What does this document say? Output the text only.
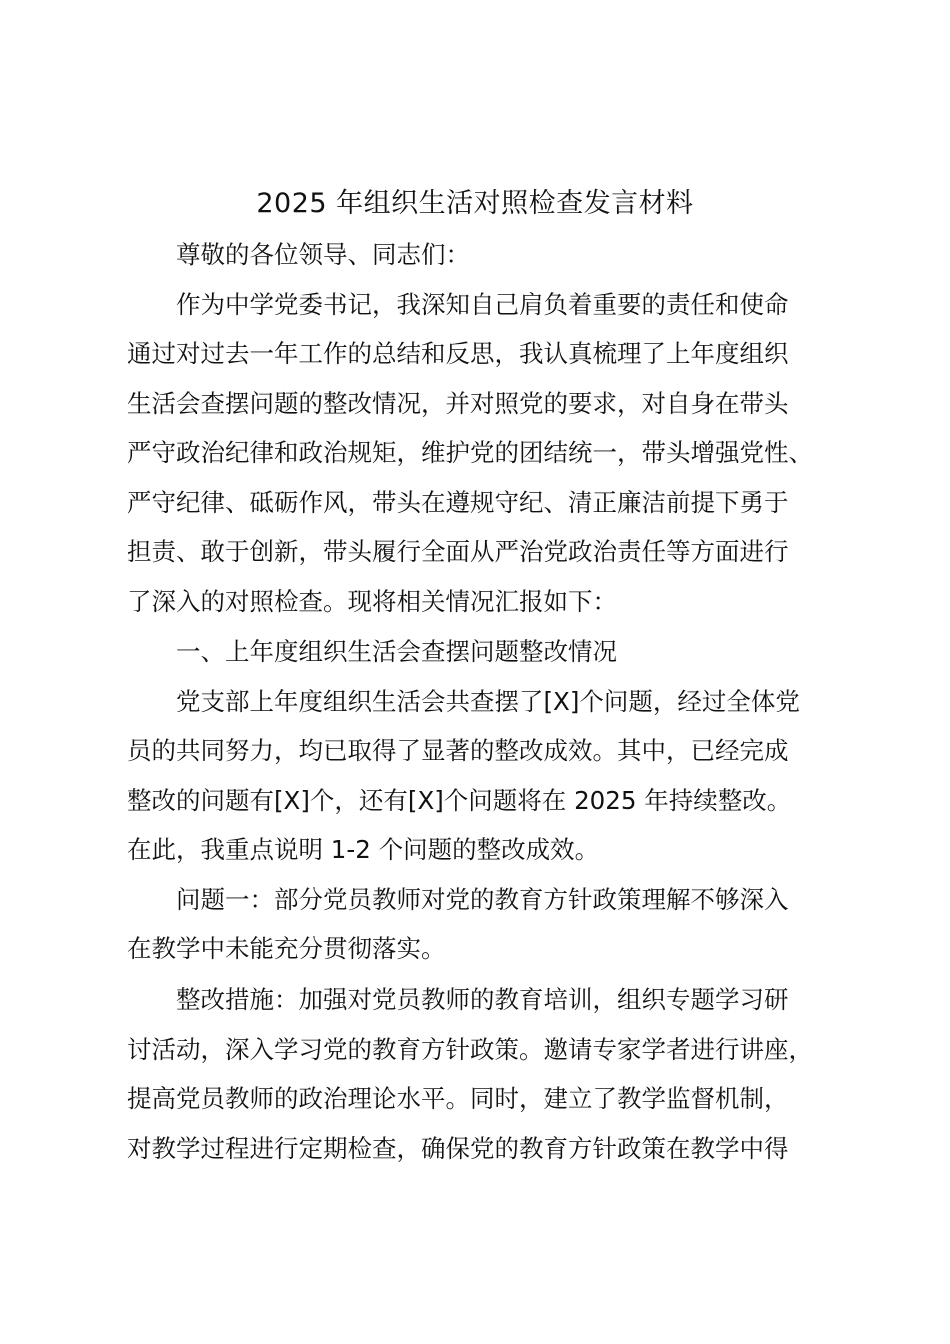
2025 年组织生活对照检查发言材料

尊敬的各位领导、同志们：

作为中学党委书记，我深知自己肩负着重要的责任和使命

通过对过去一年工作的总结和反思，我认真梳理了上年度组织

生活会查摆问题的整改情况，并对照党的要求，对自身在带头

严守政治纪律和政治规矩，维护党的团结统一，带头增强党性、

严守纪律、砥砺作风，带头在遵规守纪、清正廉洁前提下勇于

担责、敢于创新，带头履行全面从严治党政治责任等方面进行

了深入的对照检查。现将相关情况汇报如下：

一、上年度组织生活会查摆问题整改情况

党支部上年度组织生活会共查摆了[X]个问题，经过全体党

员的共同努力，均已取得了显著的整改成效。其中，已经完成

整改的问题有[X]个，还有[X]个问题将在 2025 年持续整改。

在此，我重点说明 1-2 个问题的整改成效。

问题一：部分党员教师对党的教育方针政策理解不够深入

在教学中未能充分贯彻落实。

整改措施：加强对党员教师的教育培训，组织专题学习研

讨活动，深入学习党的教育方针政策。邀请专家学者进行讲座，

提高党员教师的政治理论水平。同时，建立了教学监督机制，

对教学过程进行定期检查，确保党的教育方针政策在教学中得
